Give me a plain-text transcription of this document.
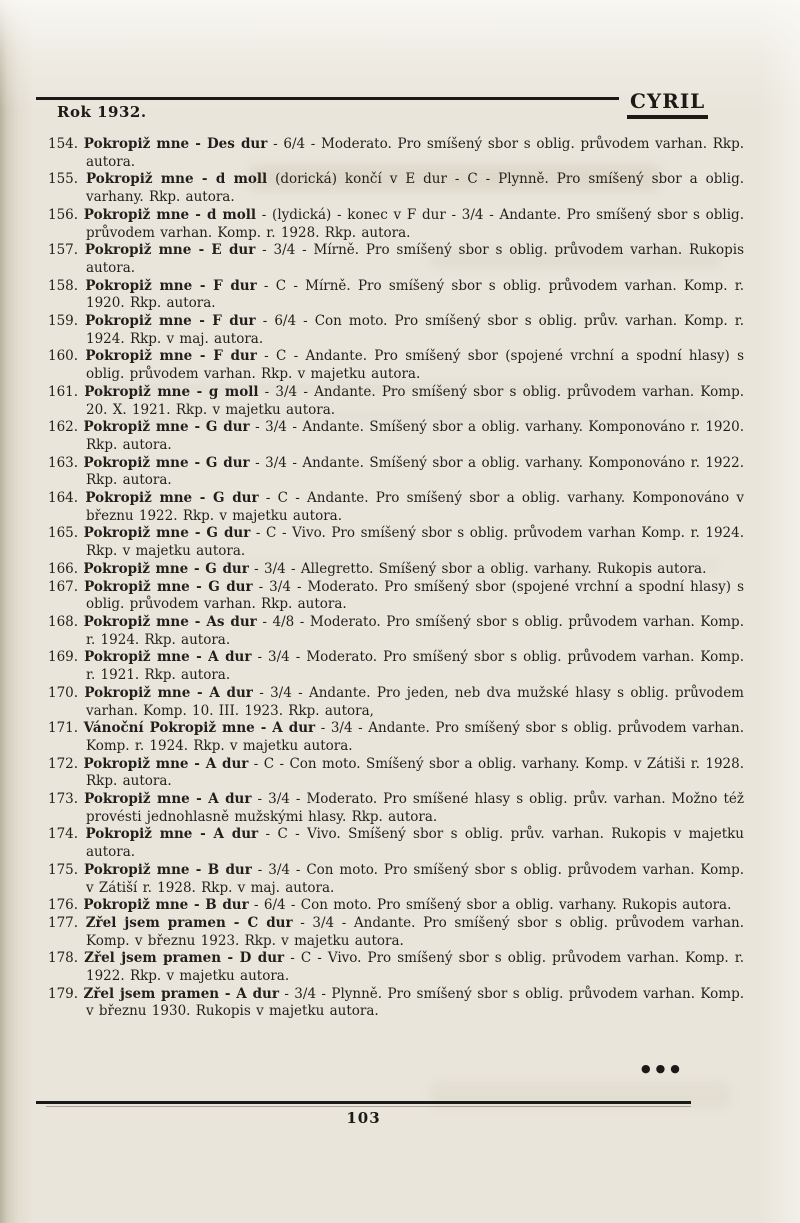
CYRIL
Rok 1932.

154. Pokropiž mne - Des dur - 6/4 - Moderato. Pro smíšený sbor s oblig. průvodem varhan. Rkp. autora.

155. Pokropiž mne - d moll (dorická) končí v E dur - C - Plynně. Pro smíšený sbor a oblig. varhany. Rkp. autora.

156. Pokropiž mne - d moll - (lydická) - konec v F dur - 3/4 - Andante. Pro smíšený sbor s oblig. průvodem varhan. Komp. r. 1928. Rkp. autora.

157. Pokropiž mne - E dur - 3/4 - Mírně. Pro smíšený sbor s oblig. průvodem varhan. Rukopis autora.

158. Pokropiž mne - F dur - C - Mírně. Pro smíšený sbor s oblig. průvodem varhan. Komp. r. 1920. Rkp. autora.

159. Pokropiž mne - F dur - 6/4 - Con moto. Pro smíšený sbor s oblig. prův. varhan. Komp. r. 1924. Rkp. v maj. autora.

160. Pokropiž mne - F dur - C - Andante. Pro smíšený sbor (spojené vrchní a spodní hlasy) s oblig. průvodem varhan. Rkp. v majetku autora.

161. Pokropiž mne - g moll - 3/4 - Andante. Pro smíšený sbor s oblig. průvodem varhan. Komp. 20. X. 1921. Rkp. v majetku autora.

162. Pokropiž mne - G dur - 3/4 - Andante. Smíšený sbor a oblig. varhany. Komponováno r. 1920. Rkp. autora.

163. Pokropiž mne - G dur - 3/4 - Andante. Smíšený sbor a oblig. varhany. Komponováno r. 1922. Rkp. autora.

164. Pokropiž mne - G dur - C - Andante. Pro smíšený sbor a oblig. varhany. Komponováno v březnu 1922. Rkp. v majetku autora.

165. Pokropiž mne - G dur - C - Vivo. Pro smíšený sbor s oblig. průvodem varhan Komp. r. 1924. Rkp. v majetku autora.

166. Pokropiž mne - G dur - 3/4 - Allegretto. Smíšený sbor a oblig. varhany. Rukopis autora.

167. Pokropiž mne - G dur - 3/4 - Moderato. Pro smíšený sbor (spojené vrchní a spodní hlasy) s oblig. průvodem varhan. Rkp. autora.

168. Pokropiž mne - As dur - 4/8 - Moderato. Pro smíšený sbor s oblig. průvodem varhan. Komp. r. 1924. Rkp. autora.

169. Pokropiž mne - A dur - 3/4 - Moderato. Pro smíšený sbor s oblig. průvodem varhan. Komp. r. 1921. Rkp. autora.

170. Pokropiž mne - A dur - 3/4 - Andante. Pro jeden, neb dva mužské hlasy s oblig. průvodem varhan. Komp. 10. III. 1923. Rkp. autora,

171. Vánoční Pokropiž mne - A dur - 3/4 - Andante. Pro smíšený sbor s oblig. průvodem varhan. Komp. r. 1924. Rkp. v majetku autora.

172. Pokropiž mne - A dur - C - Con moto. Smíšený sbor a oblig. varhany. Komp. v Zátiši r. 1928. Rkp. autora.

173. Pokropiž mne - A dur - 3/4 - Moderato. Pro smíšené hlasy s oblig. prův. varhan. Možno též provésti jednohlasně mužskými hlasy. Rkp. autora.

174. Pokropiž mne - A dur - C - Vivo. Smíšený sbor s oblig. prův. varhan. Rukopis v majetku autora.

175. Pokropiž mne - B dur - 3/4 - Con moto. Pro smíšený sbor s oblig. průvodem varhan. Komp. v Zátiší r. 1928. Rkp. v maj. autora.

176. Pokropiž mne - B dur - 6/4 - Con moto. Pro smíšený sbor a oblig. varhany. Rukopis autora.

177. Zřel jsem pramen - C dur - 3/4 - Andante. Pro smíšený sbor s oblig. průvodem varhan. Komp. v březnu 1923. Rkp. v majetku autora.

178. Zřel jsem pramen - D dur - C - Vivo. Pro smíšený sbor s oblig. průvodem varhan. Komp. r. 1922. Rkp. v majetku autora.

179. Zřel jsem pramen - A dur - 3/4 - Plynně. Pro smíšený sbor s oblig. průvodem varhan. Komp. v březnu 1930. Rukopis v majetku autora.

●●●
103
